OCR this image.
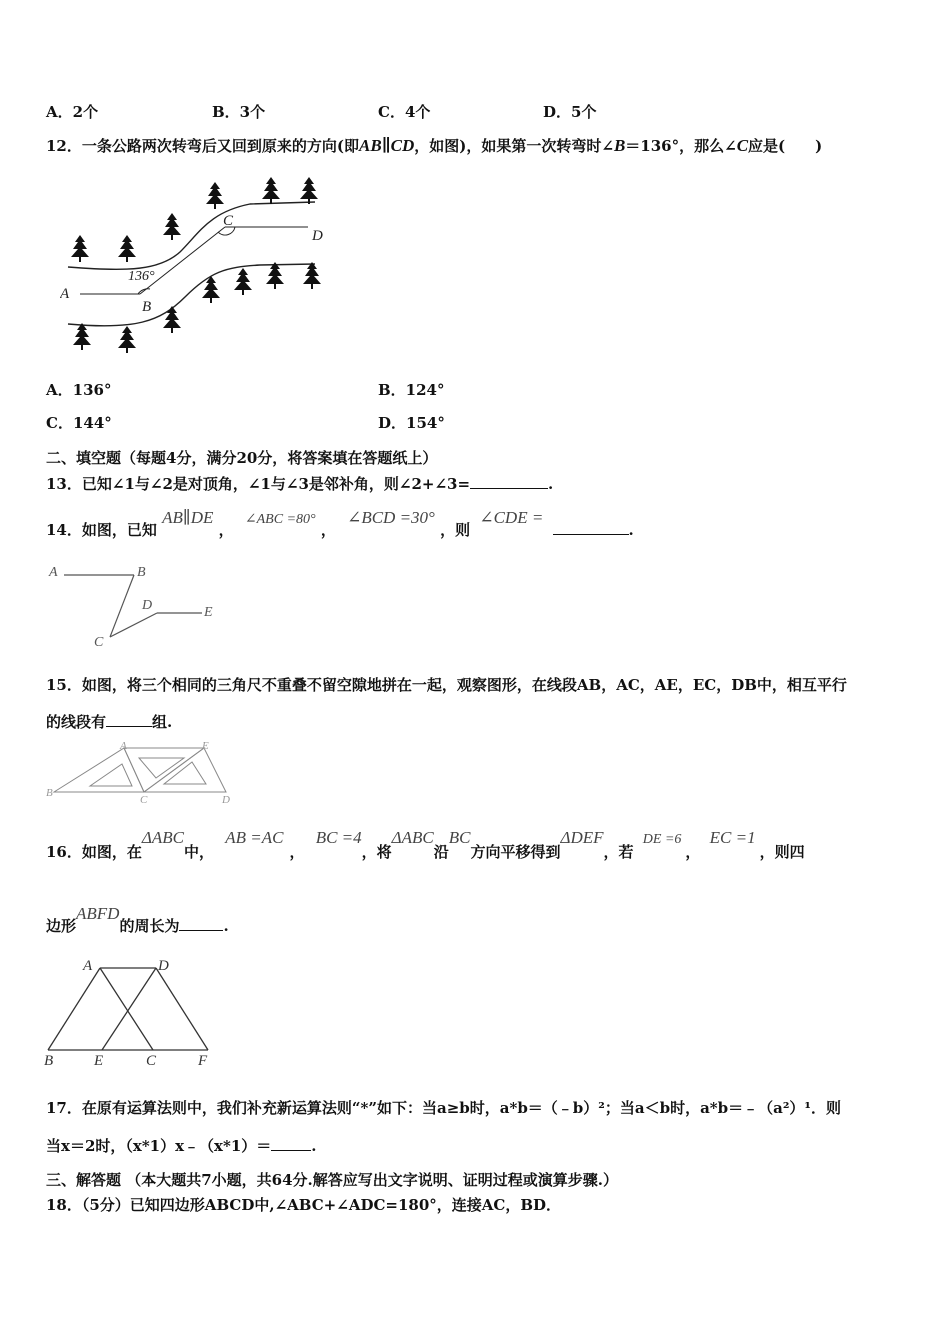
A．2个	B．3个	C．4个	D．5个
12．一条公路两次转弯后又回到原来的方向(即AB∥CD，如图)，如果第一次转弯时∠B＝136°，那么∠C应是(　　)
A
B
C
D
136°
A．136°	B．124°
C．144°	D．154°
二、填空题（每题4分，满分20分，将答案填在答题纸上）
13．已知∠1与∠2是对顶角，∠1与∠3是邻补角，则∠2+∠3=	.
14．如图，已知 AB∥DE ， ∠ABC =80° ， ∠BCD =30° ，则 ∠CDE = .
A	B
C
D	E
15．如图，将三个相同的三角尺不重叠不留空隙地拼在一起，观察图形，在线段AB，AC，AE，EC，DB中，相互平行
的线段有	组.
A	E
B
C	D
16．如图，在ΔABC中， AB =AC， BC =4，将ΔABC沿BC方向平移得到ΔDEF，若 DE =6， EC =1，则四
边形ABFD的周长为	.
A	D
B	E	C	F
17．在原有运算法则中，我们补充新运算法则“*”如下：当a≥b时，a*b＝（﹣b）²；当a＜b时，a*b＝﹣（a²）¹．则
当x＝2时，（x*1）x﹣（x*1）＝	.
三、解答题 （本大题共7小题，共64分.解答应写出文字说明、证明过程或演算步骤.）
18．（5分）已知四边形ABCD中,∠ABC+∠ADC=180°，连接AC，BD．
